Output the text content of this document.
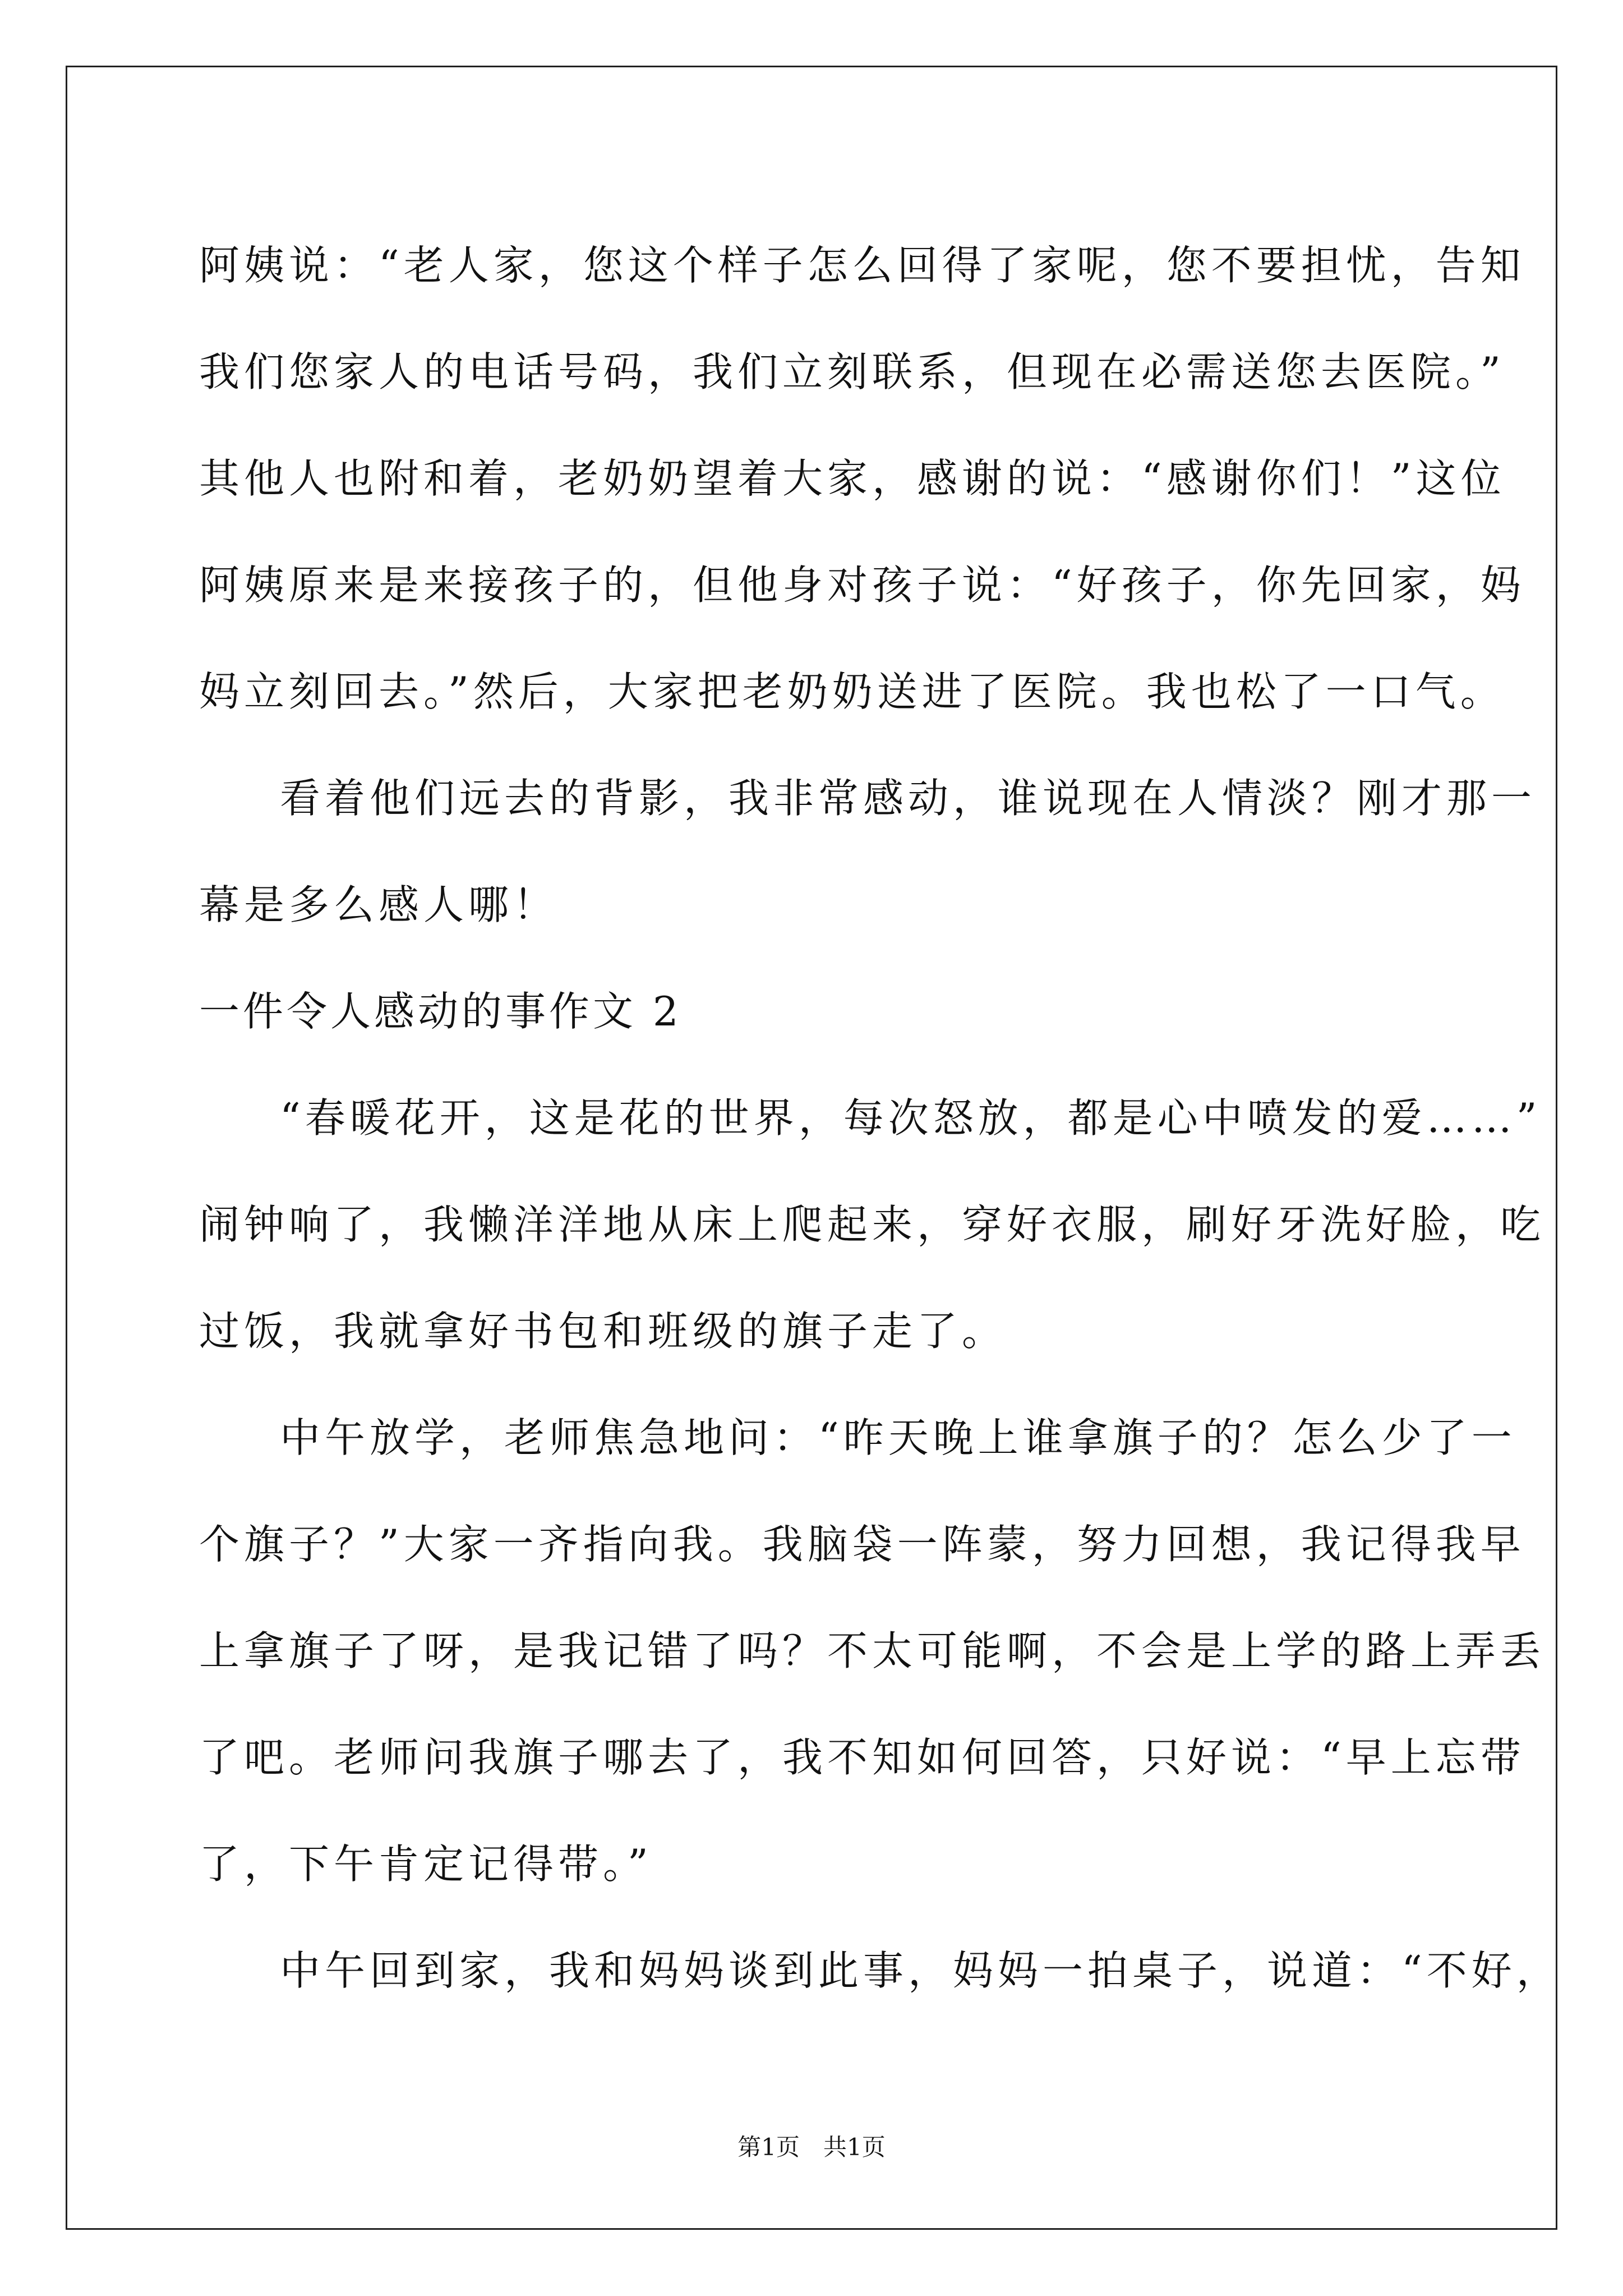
阿姨说：“老人家，您这个样子怎么回得了家呢，您不要担忧，告知
我们您家人的电话号码，我们立刻联系，但现在必需送您去医院。”
其他人也附和着，老奶奶望着大家，感谢的说：“感谢你们！”这位
阿姨原来是来接孩子的，但他身对孩子说：“好孩子，你先回家，妈
妈立刻回去。”然后，大家把老奶奶送进了医院。我也松了一口气。
看着他们远去的背影，我非常感动，谁说现在人情淡？刚才那一
幕是多么感人哪！
一件令人感动的事作文 2
“春暖花开，这是花的世界，每次怒放，都是心中喷发的爱……”
闹钟响了，我懒洋洋地从床上爬起来，穿好衣服，刷好牙洗好脸，吃
过饭，我就拿好书包和班级的旗子走了。
中午放学，老师焦急地问：“昨天晚上谁拿旗子的？怎么少了一
个旗子？”大家一齐指向我。我脑袋一阵蒙，努力回想，我记得我早
上拿旗子了呀，是我记错了吗？不太可能啊，不会是上学的路上弄丢
了吧。老师问我旗子哪去了，我不知如何回答，只好说：“早上忘带
了，下午肯定记得带。”
中午回到家，我和妈妈谈到此事，妈妈一拍桌子，说道：“不好，
第1页　共1页
